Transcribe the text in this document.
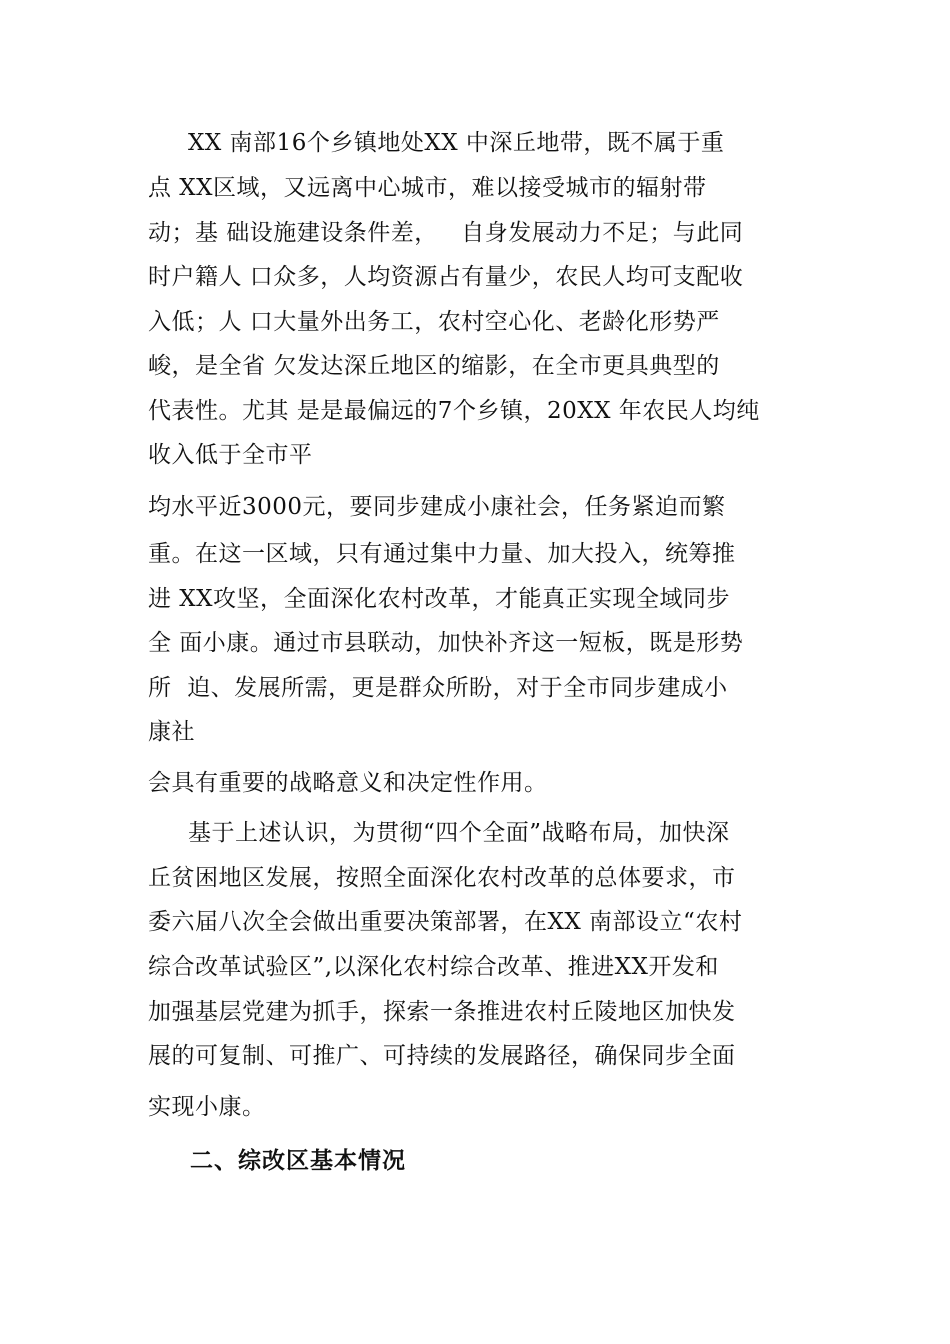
XX 南部16个乡镇地处XX 中深丘地带，既不属于重
点 XX区域，又远离中心城市，难以接受城市的辐射带
动；基 础设施建设条件差，   自身发展动力不足；与此同
时户籍人 口众多，人均资源占有量少，农民人均可支配收
入低；人 口大量外出务工，农村空心化、老龄化形势严
峻，是全省 欠发达深丘地区的缩影，在全市更具典型的
代表性。尤其 是是最偏远的7个乡镇，20XX 年农民人均纯
收入低于全市平
均水平近3000元，要同步建成小康社会，任务紧迫而繁
重。在这一区域，只有通过集中力量、加大投入，统筹推
进 XX攻坚，全面深化农村改革，才能真正实现全域同步
全 面小康。通过市县联动，加快补齐这一短板，既是形势
所  迫、发展所需，更是群众所盼，对于全市同步建成小
康社
会具有重要的战略意义和决定性作用。
基于上述认识，为贯彻“四个全面”战略布局，加快深
丘贫困地区发展，按照全面深化农村改革的总体要求，市
委六届八次全会做出重要决策部署，在XX 南部设立“农村
综合改革试验区”,以深化农村综合改革、推进XX开发和
加强基层党建为抓手，探索一条推进农村丘陵地区加快发
展的可复制、可推广、可持续的发展路径，确保同步全面
实现小康。
二、综改区基本情况
